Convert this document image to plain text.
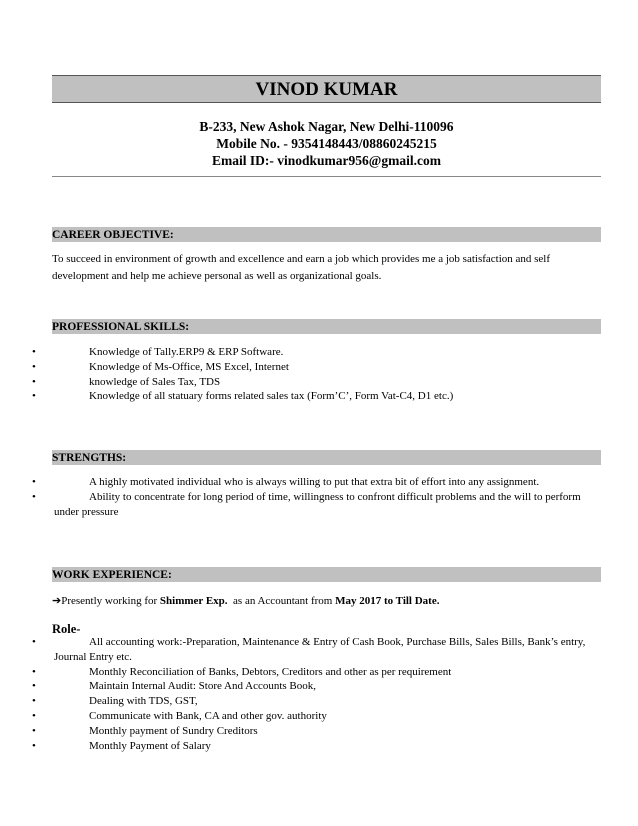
VINOD KUMAR
B-233, New Ashok Nagar, New Delhi-110096
Mobile No. - 9354148443/08860245215
Email ID:- vinodkumar956@gmail.com
CAREER OBJECTIVE:
To succeed in environment of growth and excellence and earn a job which provides me a job satisfaction and self development and help me achieve personal as well as organizational goals.
PROFESSIONAL SKILLS:
•	Knowledge of Tally.ERP9 & ERP Software.
•	Knowledge of Ms-Office, MS Excel, Internet
•	knowledge of Sales Tax, TDS
•	Knowledge of all statuary forms related sales tax (Form’C’, Form Vat-C4, D1 etc.)
STRENGTHS:
•	A highly motivated individual who is always willing to put that extra bit of effort into any assignment.
•	Ability to concentrate for long period of time, willingness to confront difficult problems and the will to perform under pressure
WORK EXPERIENCE:
➔Presently working for Shimmer Exp.  as an Accountant from May 2017 to Till Date.
Role-
•	All accounting work:-Preparation, Maintenance & Entry of Cash Book, Purchase Bills, Sales Bills, Bank’s entry, Journal Entry etc.
•	Monthly Reconciliation of Banks, Debtors, Creditors and other as per requirement
•	Maintain Internal Audit: Store And Accounts Book,
•	Dealing with TDS, GST,
•	Communicate with Bank, CA and other gov. authority
•	Monthly payment of Sundry Creditors
•	Monthly Payment of Salary
